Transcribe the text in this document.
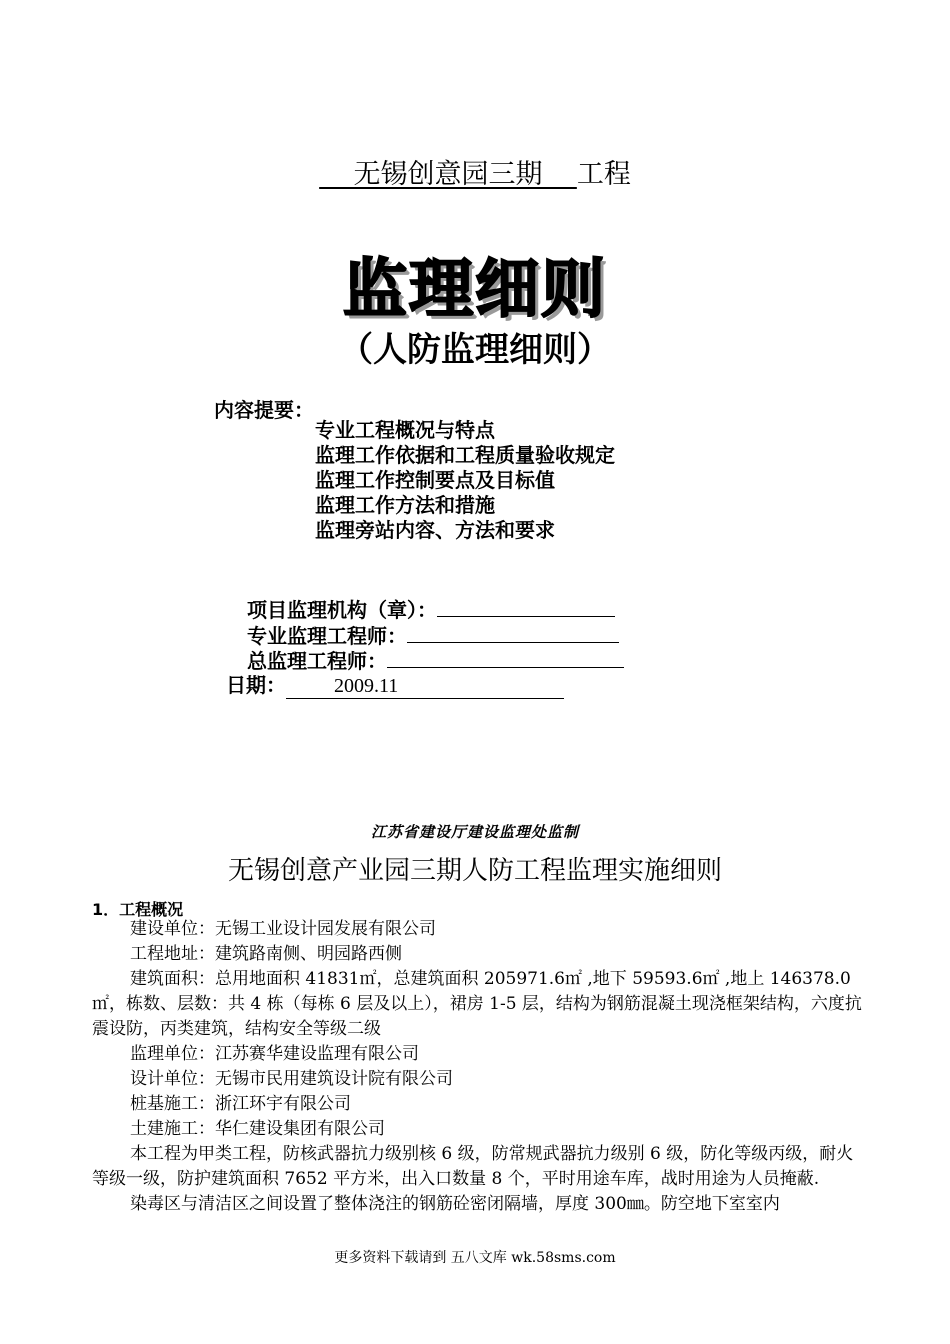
无锡创意园三期 工程
监理细则
（人防监理细则）
内容提要：
专业工程概况与特点
监理工作依据和工程质量验收规定
监理工作控制要点及目标值
监理工作方法和措施
监理旁站内容、方法和要求
项目监理机构（章）：
专业监理工程师：
总监理工程师：
日期： 2009.11
江苏省建设厅建设监理处监制
无锡创意产业园三期人防工程监理实施细则
1．工程概况

建设单位：无锡工业设计园发展有限公司

工程地址：建筑路南侧、明园路西侧

建筑面积：总用地面积 41831㎡，总建筑面积 205971.6㎡ ,地下 59593.6㎡ ,地上 146378.0㎡，栋数、层数：共 4 栋（每栋 6 层及以上），裙房 1-5 层，结构为钢筋混凝土现浇框架结构，六度抗震设防，丙类建筑，结构安全等级二级

监理单位：江苏赛华建设监理有限公司

设计单位：无锡市民用建筑设计院有限公司

桩基施工：浙江环宇有限公司

土建施工：华仁建设集团有限公司

本工程为甲类工程，防核武器抗力级别核 6 级，防常规武器抗力级别 6 级，防化等级丙级，耐火等级一级，防护建筑面积 7652 平方米，出入口数量 8 个，平时用途车库，战时用途为人员掩蔽.

染毒区与清洁区之间设置了整体浇注的钢筋砼密闭隔墙，厚度 300㎜。防空地下室室内

更多资料下载请到 五八文库 wk.58sms.com
